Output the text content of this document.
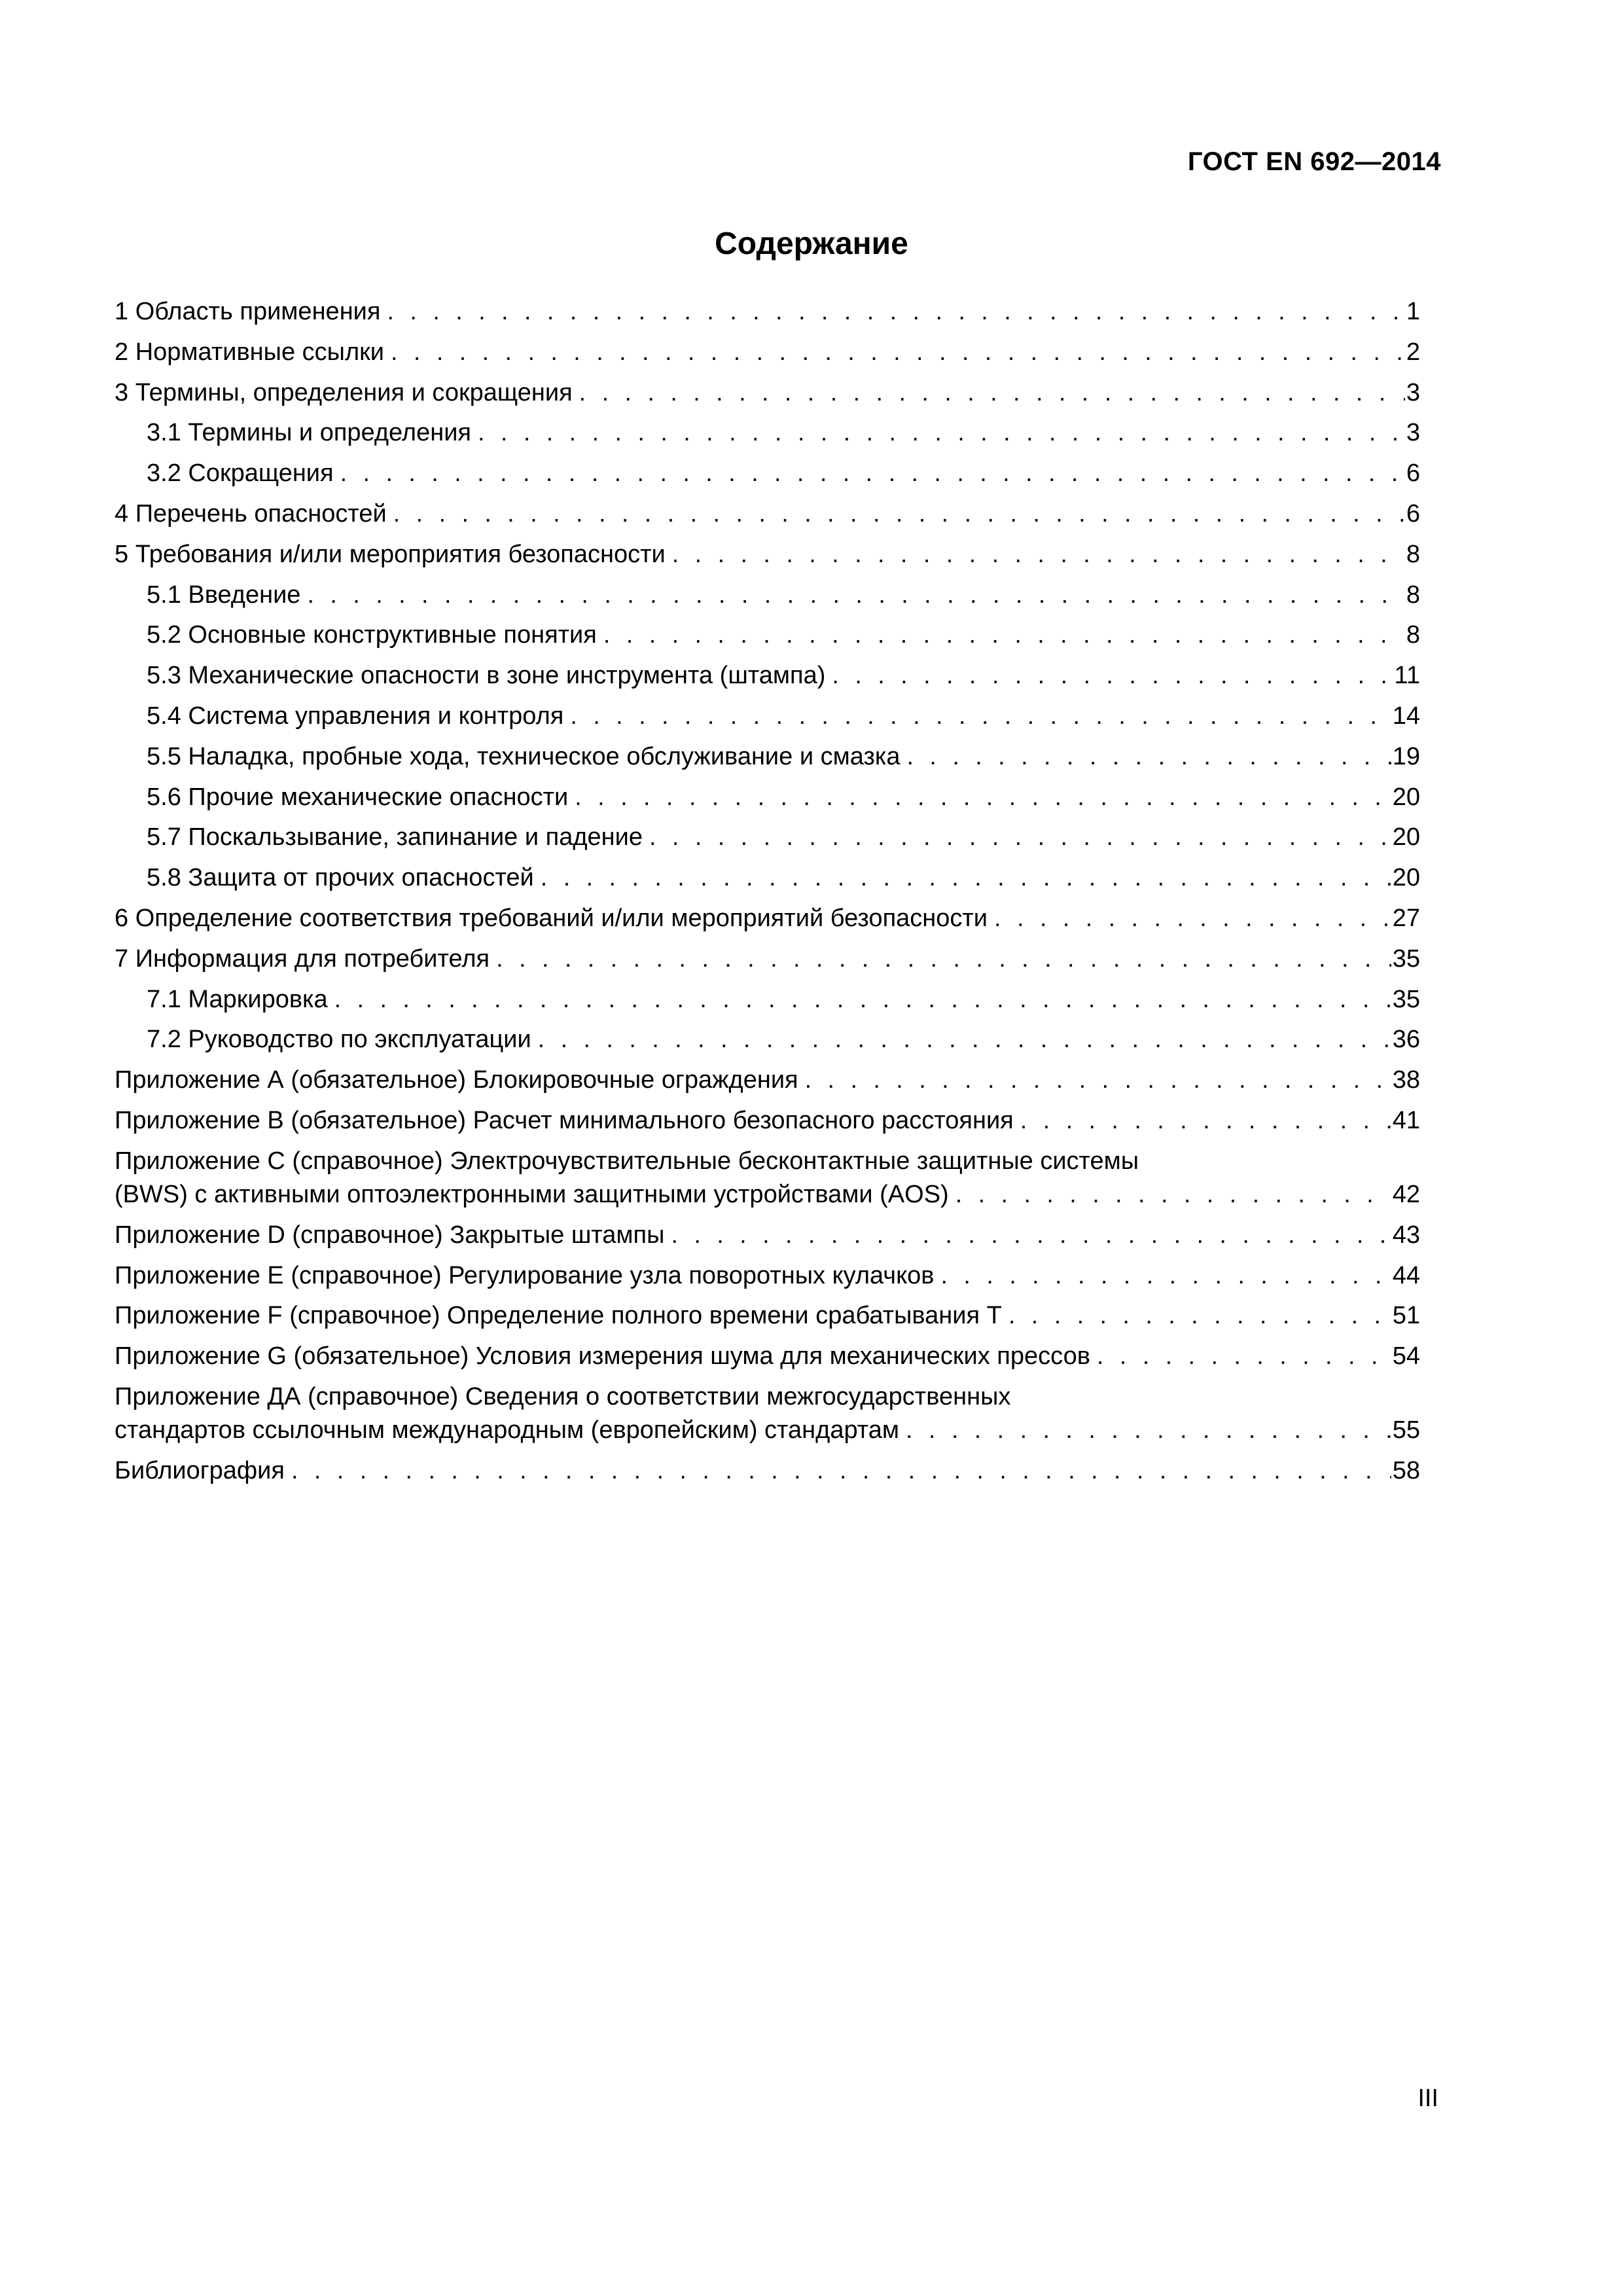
ГОСТ EN 692—2014
Содержание
1 Область применения . . .	1
2 Нормативные ссылки . . .	2
3 Термины, определения и сокращения . . .	3
3.1 Термины и определения . . .	3
3.2 Сокращения . . .	6
4 Перечень опасностей . . .	6
5 Требования и/или мероприятия безопасности . . .	8
5.1 Введение . . .	8
5.2 Основные конструктивные понятия . . .	8
5.3 Механические опасности в зоне инструмента (штампа) . . .	11
5.4 Система управления и контроля . . .	14
5.5 Наладка, пробные хода, техническое обслуживание и смазка . . .	19
5.6 Прочие механические опасности . . .	20
5.7 Поскальзывание, запинание и падение . . .	20
5.8 Защита от прочих опасностей . . .	20
6 Определение соответствия требований и/или мероприятий безопасности . . .	27
7 Информация для потребителя . . .	35
7.1 Маркировка . . .	35
7.2 Руководство по эксплуатации . . .	36
Приложение А (обязательное) Блокировочные ограждения . . .	38
Приложение В (обязательное) Расчет минимального безопасного расстояния . . .	41
Приложение С (справочное) Электрочувствительные бесконтактные защитные системы
(BWS) с активными оптоэлектронными защитными устройствами (AOS) . . .	42
Приложение D (справочное) Закрытые штампы . . .	43
Приложение Е (справочное) Регулирование узла поворотных кулачков . . .	44
Приложение F (справочное) Определение полного времени срабатывания Т . . .	51
Приложение G (обязательное) Условия измерения шума для механических прессов . . .	54
Приложение ДА (справочное) Сведения о соответствии межгосударственных
стандартов ссылочным международным (европейским) стандартам . . .	55
Библиография . . .	58
III
